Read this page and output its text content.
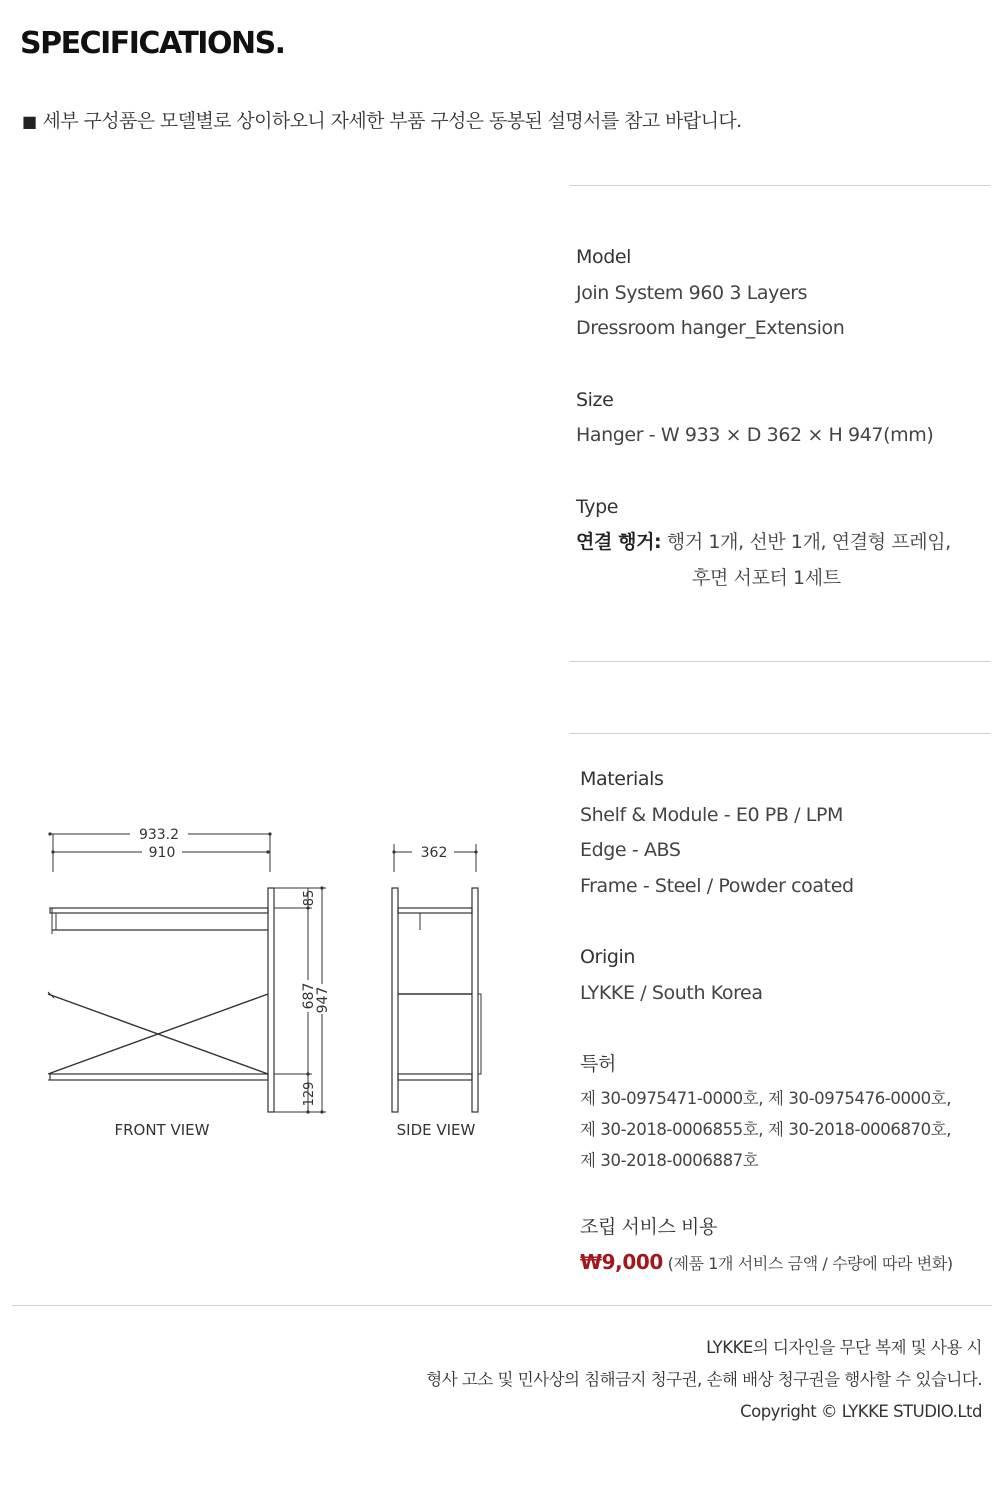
SPECIFICATIONS.
■ 세부 구성품은 모델별로 상이하오니 자세한 부품 구성은 동봉된 설명서를 참고 바랍니다.
Model
Join System 960 3 Layers
Dressroom hanger_Extension
Size
Hanger - W 933 × D 362 × H 947(mm)
Type
연결 행거: 행거 1개, 선반 1개, 연결형 프레임,
후면 서포터 1세트
Materials
Shelf & Module - E0 PB / LPM
Edge - ABS
Frame - Steel / Powder coated
Origin
LYKKE / South Korea
특허
제 30-0975471-0000호, 제 30-0975476-0000호,
제 30-2018-0006855호, 제 30-2018-0006870호,
제 30-2018-0006887호
조립 서비스 비용
₩9,000 (제품 1개 서비스 금액 / 수량에 따라 변화)
933.2
910	362
85
687
947
129
FRONT VIEW	SIDE VIEW
LYKKE의 디자인을 무단 복제 및 사용 시
형사 고소 및 민사상의 침해금지 청구권, 손해 배상 청구권을 행사할 수 있습니다.
Copyright © LYKKE STUDIO.Ltd
